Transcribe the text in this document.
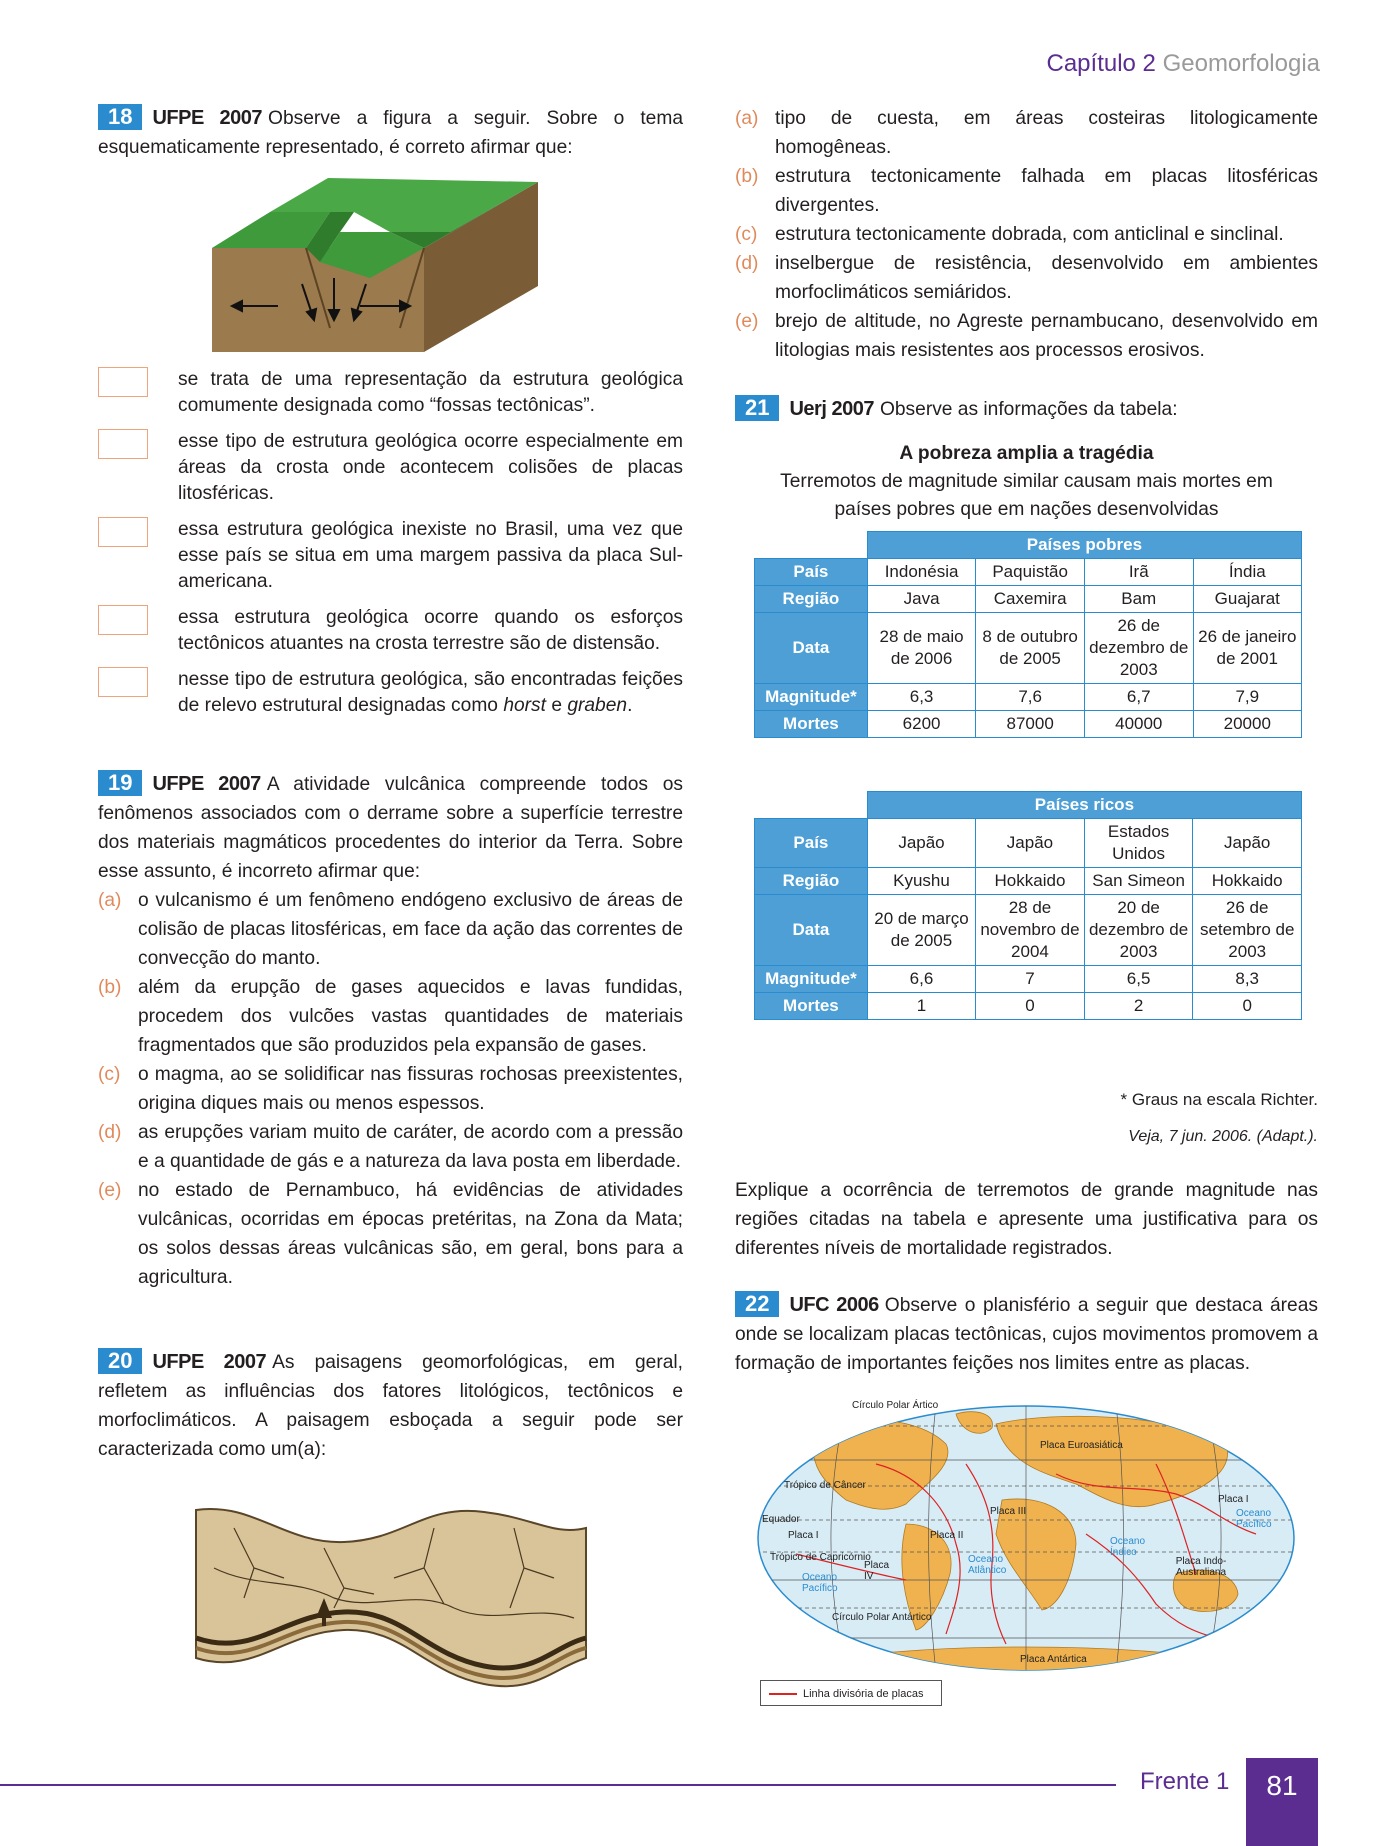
Capítulo 2 Geomorfologia
18 UFPE 2007 Observe a figura a seguir. Sobre o tema esquematicamente representado, é correto afirmar que:
se trata de uma representação da estrutura geológica comumente designada como “fossas tectônicas”.
esse tipo de estrutura geológica ocorre especialmente em áreas da crosta onde acontecem colisões de placas litosféricas.
essa estrutura geológica inexiste no Brasil, uma vez que esse país se situa em uma margem passiva da placa Sul-americana.
essa estrutura geológica ocorre quando os esforços tectônicos atuantes na crosta terrestre são de distensão.
nesse tipo de estrutura geológica, são encontradas feições de relevo estrutural designadas como horst e graben.
19 UFPE 2007 A atividade vulcânica compreende todos os fenômenos associados com o derrame sobre a superfície terrestre dos materiais magmáticos procedentes do interior da Terra. Sobre esse assunto, é incorreto afirmar que:
(a) o vulcanismo é um fenômeno endógeno exclusivo de áreas de colisão de placas litosféricas, em face da ação das correntes de convecção do manto.
(b) além da erupção de gases aquecidos e lavas fundidas, procedem dos vulcões vastas quantidades de materiais fragmentados que são produzidos pela expansão de gases.
(c) o magma, ao se solidificar nas fissuras rochosas preexistentes, origina diques mais ou menos espessos.
(d) as erupções variam muito de caráter, de acordo com a pressão e a quantidade de gás e a natureza da lava posta em liberdade.
(e) no estado de Pernambuco, há evidências de atividades vulcânicas, ocorridas em épocas pretéritas, na Zona da Mata; os solos dessas áreas vulcânicas são, em geral, bons para a agricultura.
20 UFPE 2007 As paisagens geomorfológicas, em geral, refletem as influências dos fatores litológicos, tectônicos e morfoclimáticos. A paisagem esboçada a seguir pode ser caracterizada como um(a):
(a) tipo de cuesta, em áreas costeiras litologicamente homogêneas.
(b) estrutura tectonicamente falhada em placas litosféricas divergentes.
(c) estrutura tectonicamente dobrada, com anticlinal e sinclinal.
(d) inselbergue de resistência, desenvolvido em ambientes morfoclimáticos semiáridos.
(e) brejo de altitude, no Agreste pernambucano, desenvolvido em litologias mais resistentes aos processos erosivos.
21 Uerj 2007 Observe as informações da tabela:
A pobreza amplia a tragédia
Terremotos de magnitude similar causam mais mortes em países pobres que em nações desenvolvidas
	Países pobres			
País	Indonésia	Paquistão	Irã	Índia
Região	Java	Caxemira	Bam	Guajarat
Data	28 de maio de 2006	8 de outubro de 2005	26 de dezembro de 2003	26 de janeiro de 2001
Magnitude*	6,3	7,6	6,7	7,9
Mortes	6200	87000	40000	20000
	Países ricos			
País	Japão	Japão	Estados Unidos	Japão
Região	Kyushu	Hokkaido	San Simeon	Hokkaido
Data	20 de março de 2005	28 de novembro de 2004	20 de dezembro de 2003	26 de setembro de 2003
Magnitude*	6,6	7	6,5	8,3
Mortes	1	0	2	0
* Graus na escala Richter.
Veja, 7 jun. 2006. (Adapt.).
Explique a ocorrência de terremotos de grande magnitude nas regiões citadas na tabela e apresente uma justificativa para os diferentes níveis de mortalidade registrados.
22 UFC 2006 Observe o planisfério a seguir que destaca áreas onde se localizam placas tectônicas, cujos movimentos promovem a formação de importantes feições nos limites entre as placas.
Círculo Polar Ártico
Placa Euroasiática
Trópico de Câncer
Placa III
Placa I
Oceano Pacífico
Equador
Placa I	Placa II
Oceano Índico
Trópico de Capricórnio	Oceano Atlântico
Placa IV
Placa Indo-Australiana
Oceano Pacífico
Círculo Polar Antártico
Placa Antártica
Linha divisória de placas
Frente 1	81
